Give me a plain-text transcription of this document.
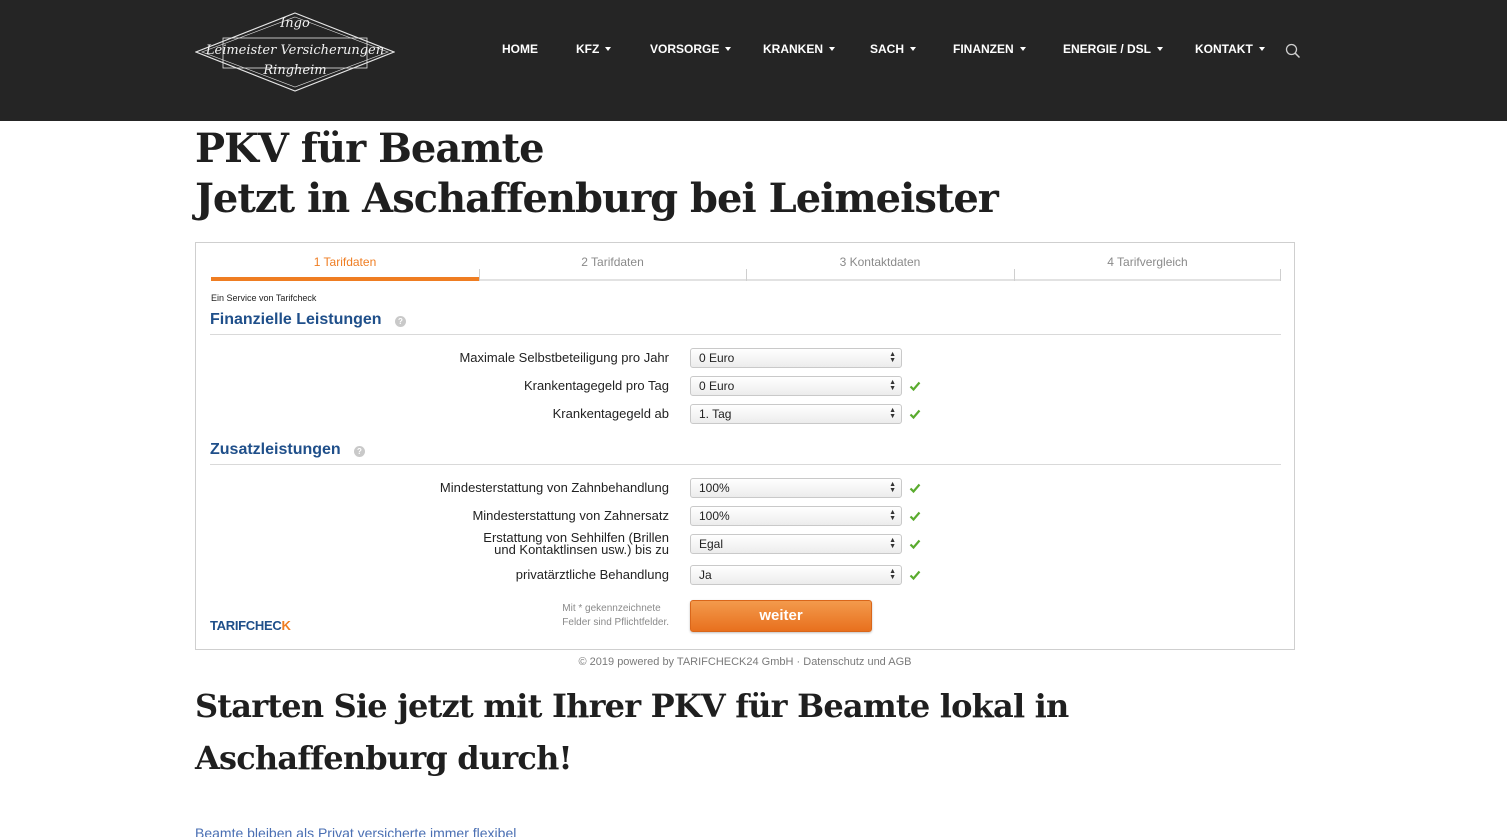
Ingo
Leimeister Versicherungen
Ringheim
HOME	KFZ	VORSORGE	KRANKEN	SACH	FINANZEN	ENERGIE / DSL	KONTAKT
PKV für Beamte
Jetzt in Aschaffenburg bei Leimeister
1 Tarifdaten	2 Tarifdaten	3 Kontaktdaten	4 Tarifvergleich
Ein Service von Tarifcheck
Finanzielle Leistungen	?
Maximale Selbstbeteiligung pro Jahr	0 Euro	▲
▼
Krankentagegeld pro Tag	0 Euro	▲
▼
Krankentagegeld ab	1. Tag	▲
▼
Zusatzleistungen	?
Mindesterstattung von Zahnbehandlung	100%	▲
▼
Mindesterstattung von Zahnersatz	100%	▲
▼
Erstattung von Sehhilfen (Brillen
und Kontaktlinsen usw.) bis zu	Egal	▲
▼
privatärztliche Behandlung	Ja	▲
▼
TARIFCHECK
Mit * gekennzeichnete
Felder sind Pflichtfelder.	weiter
© 2019 powered by TARIFCHECK24 GmbH · Datenschutz und AGB
Starten Sie jetzt mit Ihrer PKV für Beamte lokal in Aschaffenburg durch!
Beamte bleiben als Privat versicherte immer flexibel
